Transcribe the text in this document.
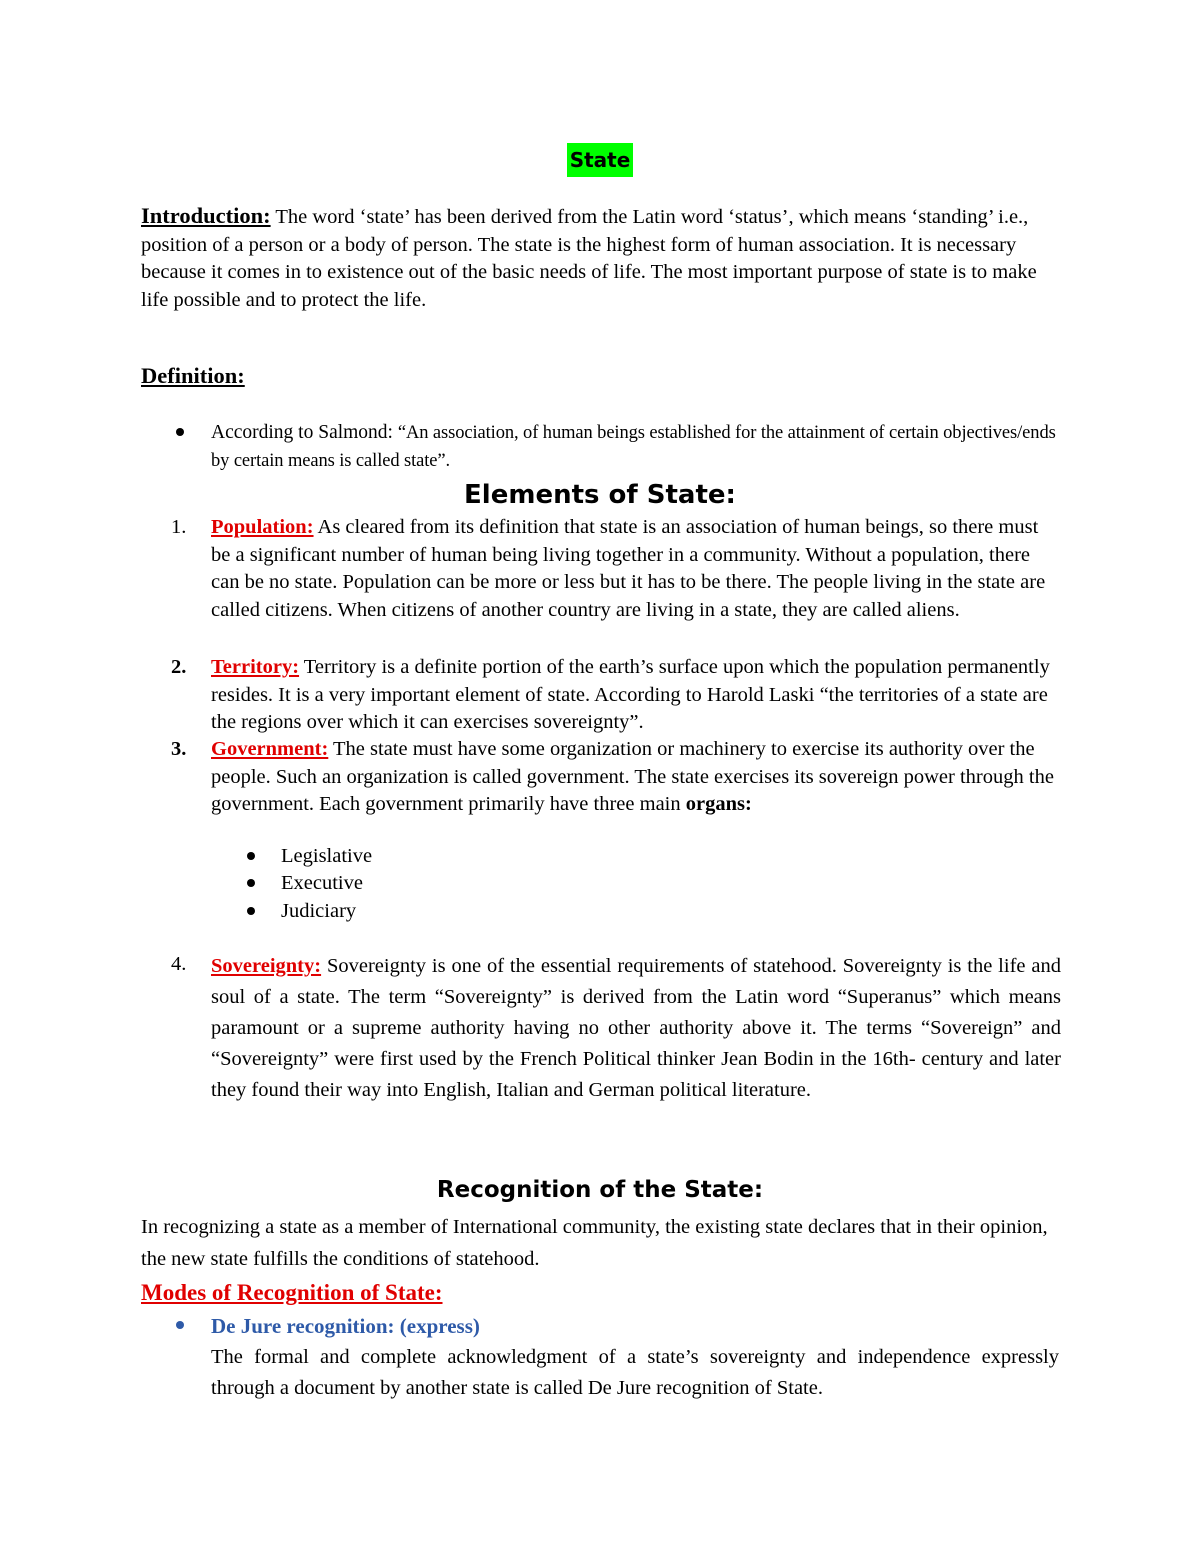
State

Introduction: The word ‘state’ has been derived from the Latin word ‘status’, which means ‘standing’ i.e., position of a person or a body of person. The state is the highest form of human association. It is necessary because it comes in to existence out of the basic needs of life. The most important purpose of state is to make life possible and to protect the life.

Definition:

According to Salmond: “An association, of human beings established for the attainment of certain objectives/ends by certain means is called state”.

Elements of State:
1. Population: As cleared from its definition that state is an association of human beings, so there must be a significant number of human being living together in a community. Without a population, there can be no state. Population can be more or less but it has to be there. The people living in the state are called citizens. When citizens of another country are living in a state, they are called aliens.

2. Territory: Territory is a definite portion of the earth’s surface upon which the population permanently resides. It is a very important element of state. According to Harold Laski “the territories of a state are the regions over which it can exercises sovereignty”.

3. Government: The state must have some organization or machinery to exercise its authority over the people. Such an organization is called government. The state exercises its sovereign power through the government. Each government primarily have three main organs:

Legislative
Executive
Judiciary
4. Sovereignty: Sovereignty is one of the essential requirements of statehood. Sovereignty is the life and soul of a state. The term “Sovereignty” is derived from the Latin word “Superanus” which means paramount or a supreme authority having no other authority above it. The terms “Sovereign” and “Sovereignty” were first used by the French Political thinker Jean Bodin in the 16th- century and later they found their way into English, Italian and German political literature.

Recognition of the State:

In recognizing a state as a member of International community, the existing state declares that in their opinion, the new state fulfills the conditions of statehood.

Modes of Recognition of State:
De Jure recognition: (express)

The formal and complete acknowledgment of a state’s sovereignty and independence expressly through a document by another state is called De Jure recognition of State.
